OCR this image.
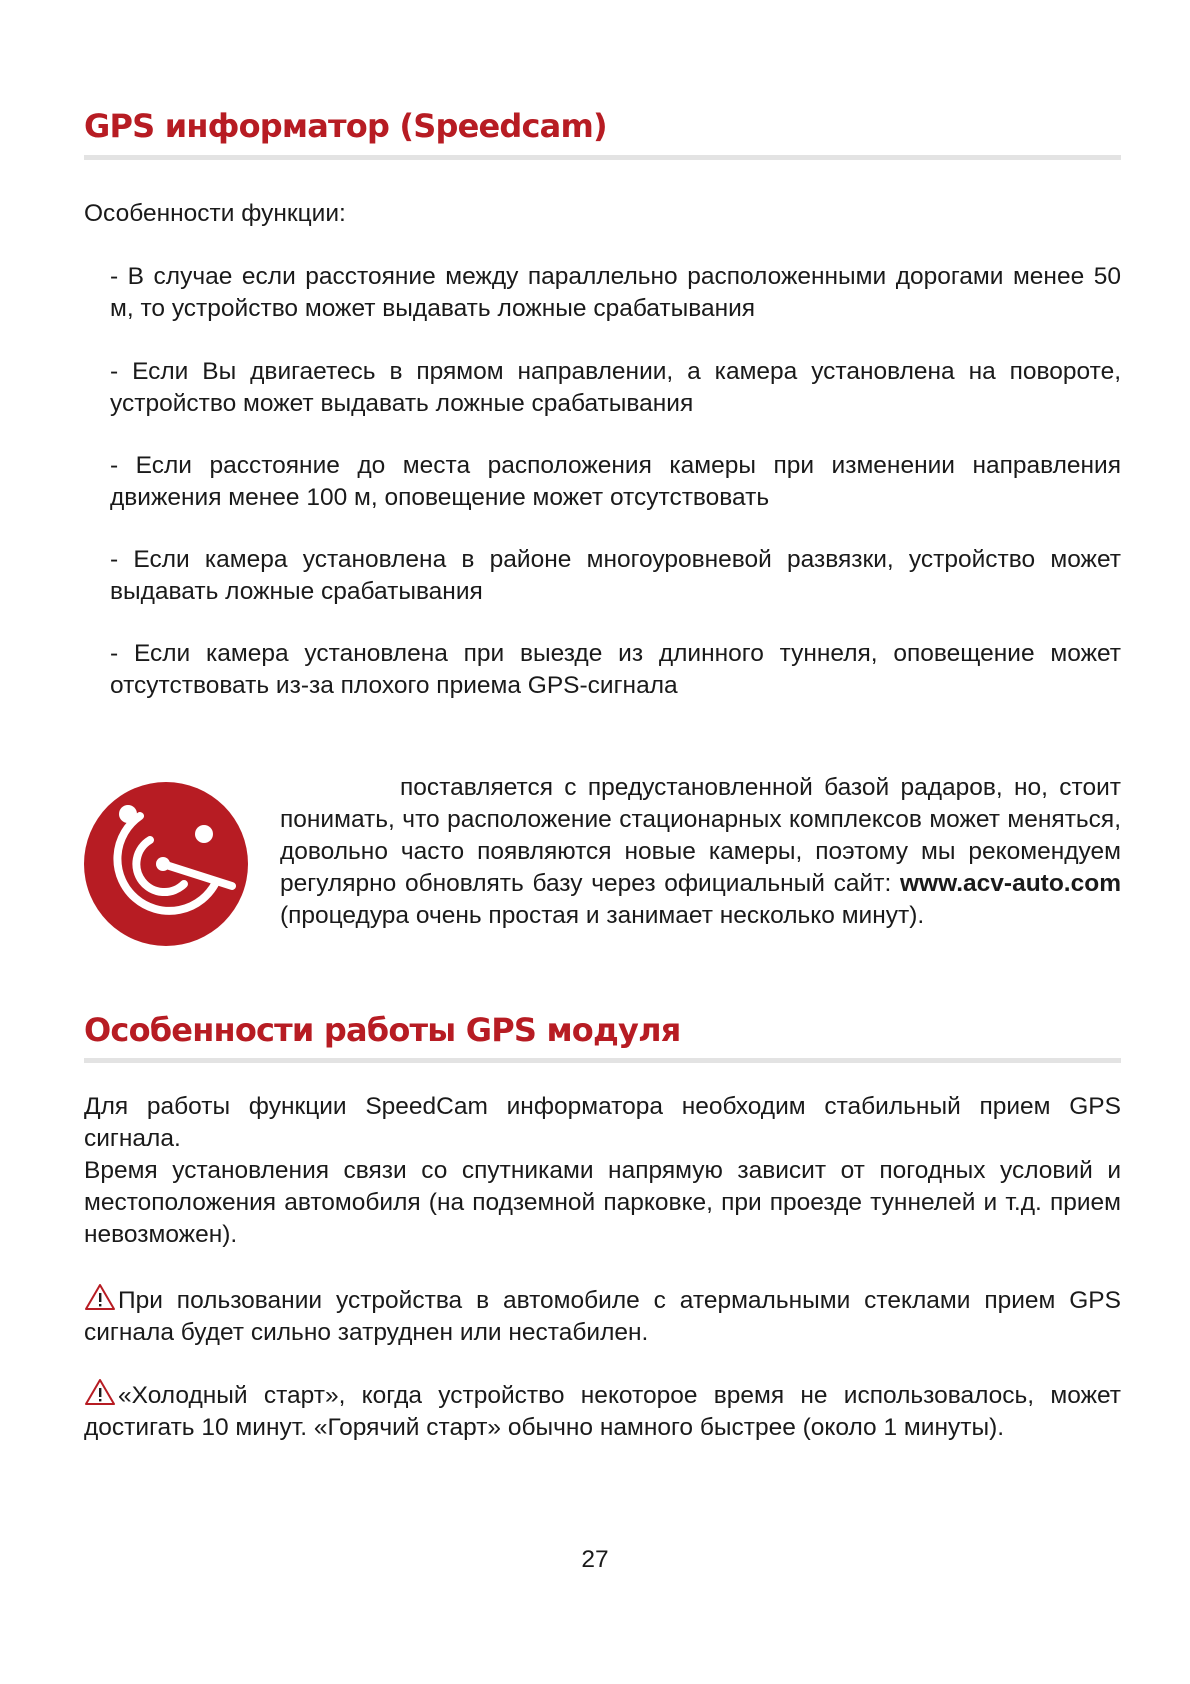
GPS информатор (Speedcam)

Особенности функции:

- В случае если расстояние между параллельно расположенными дорогами менее 50 м, то устройство может выдавать ложные срабатывания

- Если Вы двигаетесь в прямом направлении, а камера установлена на повороте, устройство может выдавать ложные срабатывания

- Если расстояние до места расположения камеры при изменении направления движения менее 100 м, оповещение может отсутствовать

- Если камера установлена в районе многоуровневой развязки, устройство может выдавать ложные срабатывания

- Если камера установлена при выезде из длинного туннеля, оповещение может отсутствовать из-за плохого приема GPS-сигнала

поставляется с предустановленной базой радаров, но, стоит понимать, что расположение стационарных комплексов может меняться, довольно часто появляются новые камеры, поэтому мы рекомендуем регулярно обновлять базу через официальный сайт: www.acv-auto.com (процедура очень простая и занимает несколько минут).

Особенности работы GPS модуля

Для работы функции SpeedCam информатора необходим стабильный прием GPS сигнала.

Время установления связи со спутниками напрямую зависит от погодных условий и местоположения автомобиля (на подземной парковке, при проезде туннелей и т.д. прием невозможен).

При пользовании устройства в автомобиле с атермальными стеклами прием GPS сигнала будет сильно затруднен или нестабилен.

«Холодный старт», когда устройство некоторое время не использовалось, может достигать 10 минут. «Горячий старт» обычно намного быстрее (около 1 минуты).

27
